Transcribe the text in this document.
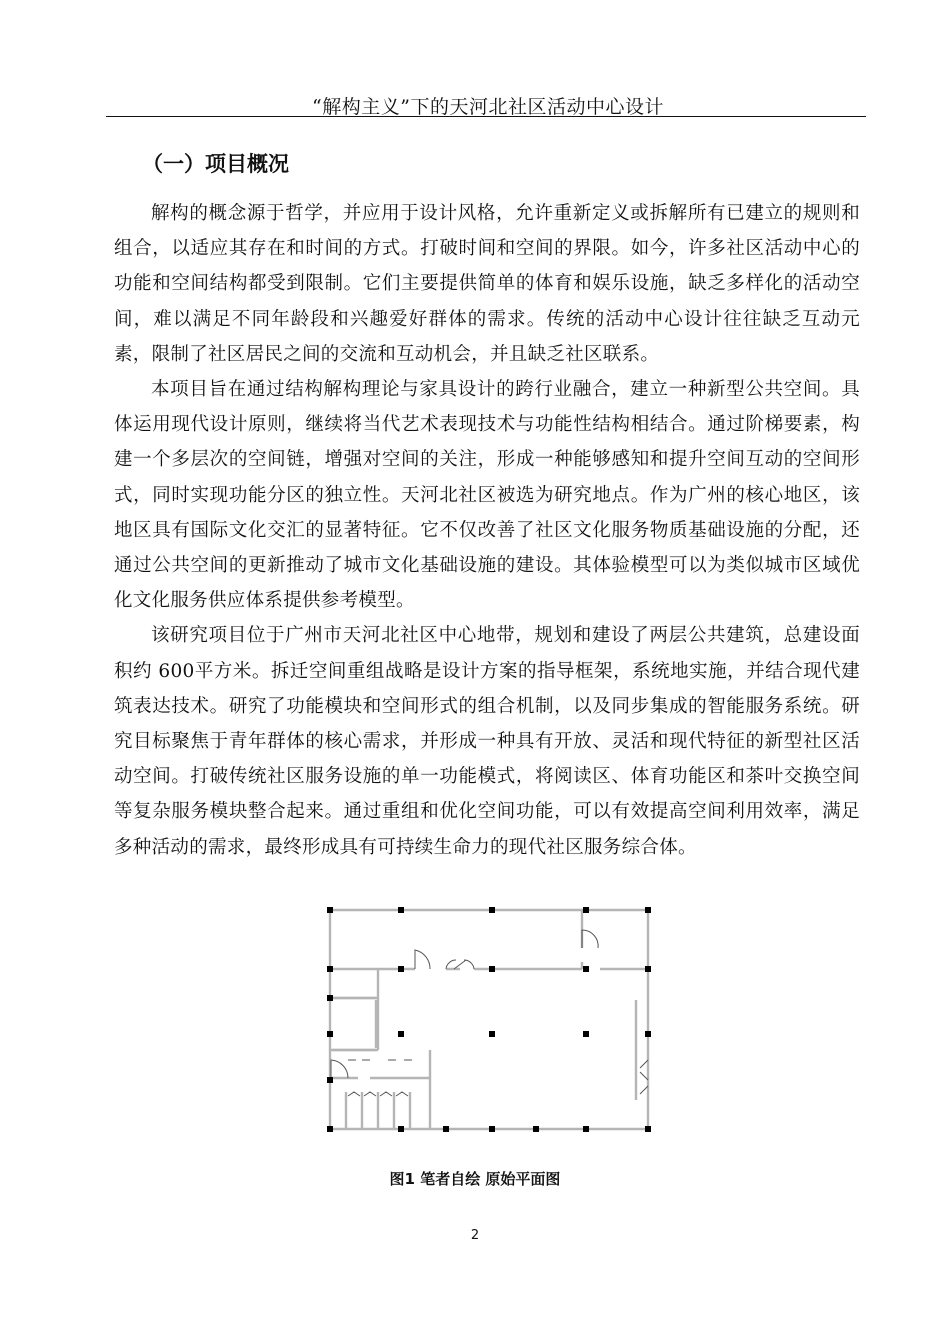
“解构主义”下的天河北社区活动中心设计
（一）项目概况

解构的概念源于哲学，并应用于设计风格，允许重新定义或拆解所有已建立的规则和组合，以适应其存在和时间的方式。打破时间和空间的界限。如今，许多社区活动中心的功能和空间结构都受到限制。它们主要提供简单的体育和娱乐设施，缺乏多样化的活动空间，难以满足不同年龄段和兴趣爱好群体的需求。传统的活动中心设计往往缺乏互动元素，限制了社区居民之间的交流和互动机会，并且缺乏社区联系。

本项目旨在通过结构解构理论与家具设计的跨行业融合，建立一种新型公共空间。具体运用现代设计原则，继续将当代艺术表现技术与功能性结构相结合。通过阶梯要素，构建一个多层次的空间链，增强对空间的关注，形成一种能够感知和提升空间互动的空间形式，同时实现功能分区的独立性。天河北社区被选为研究地点。作为广州的核心地区，该地区具有国际文化交汇的显著特征。它不仅改善了社区文化服务物质基础设施的分配，还通过公共空间的更新推动了城市文化基础设施的建设。其体验模型可以为类似城市区域优化文化服务供应体系提供参考模型。

该研究项目位于广州市天河北社区中心地带，规划和建设了两层公共建筑，总建设面积约 600平方米。拆迁空间重组战略是设计方案的指导框架，系统地实施，并结合现代建筑表达技术。研究了功能模块和空间形式的组合机制，以及同步集成的智能服务系统。研究目标聚焦于青年群体的核心需求，并形成一种具有开放、灵活和现代特征的新型社区活动空间。打破传统社区服务设施的单一功能模式，将阅读区、体育功能区和茶叶交换空间等复杂服务模块整合起来。通过重组和优化空间功能，可以有效提高空间利用效率，满足多种活动的需求，最终形成具有可持续生命力的现代社区服务综合体。

图1 笔者自绘 原始平面图
2
